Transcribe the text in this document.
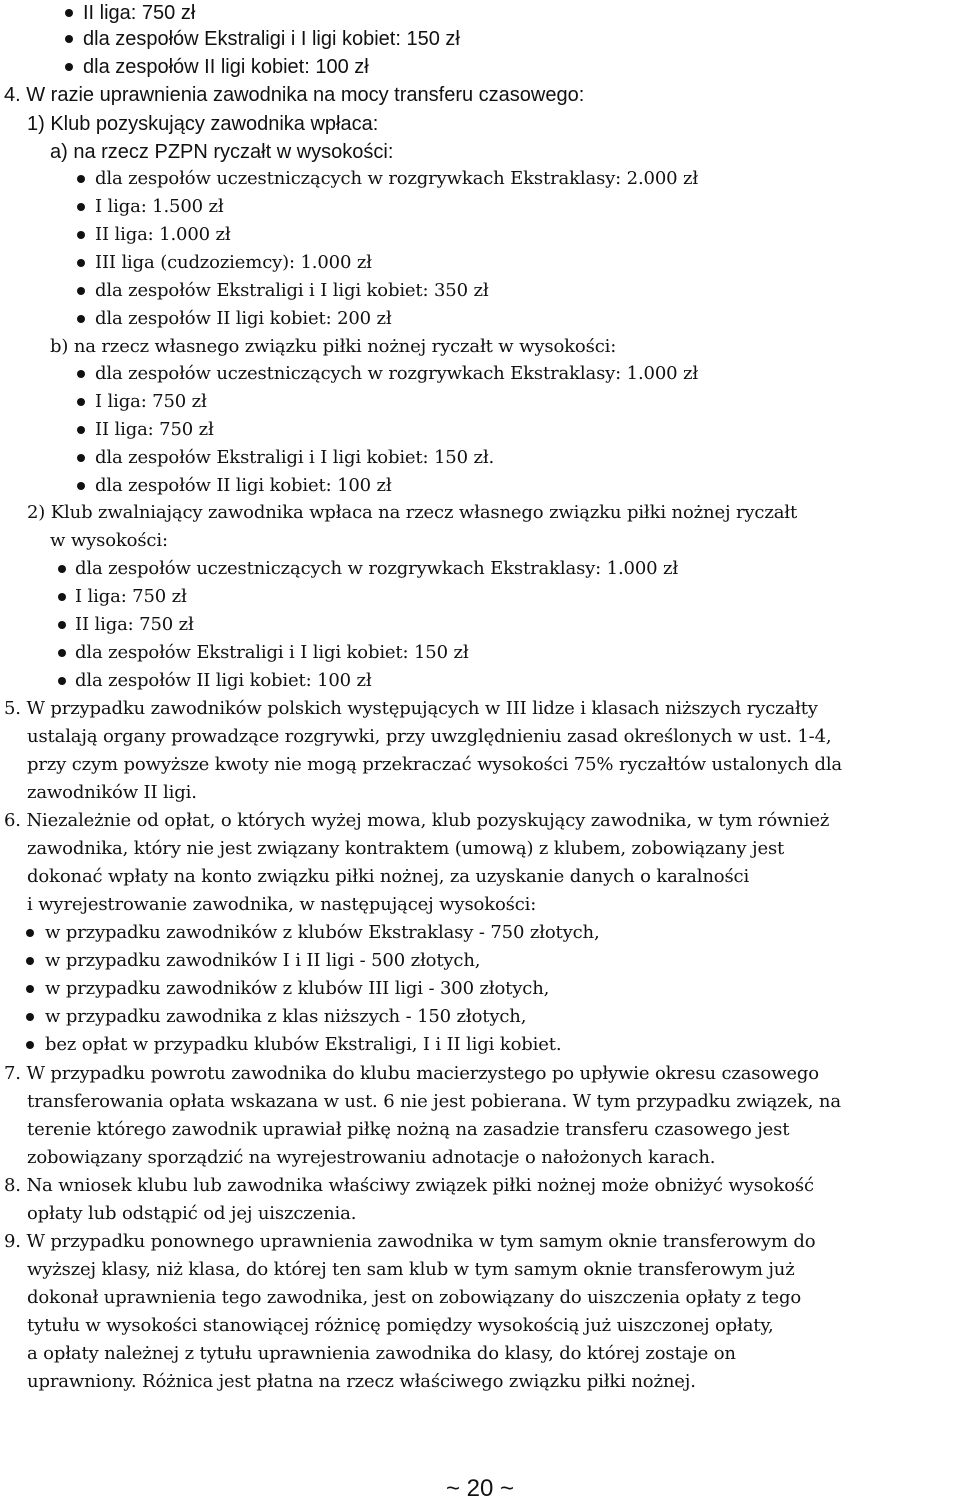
II liga: 750 zł
dla zespołów Ekstraligi i I ligi kobiet: 150 zł
dla zespołów II ligi kobiet: 100 zł
4. W razie uprawnienia zawodnika na mocy transferu czasowego:
1) Klub pozyskujący zawodnika wpłaca:
a) na rzecz PZPN ryczałt w wysokości:
dla zespołów uczestniczących w rozgrywkach Ekstraklasy: 2.000 zł
I liga: 1.500 zł
II liga: 1.000 zł
III liga (cudzoziemcy): 1.000 zł
dla zespołów Ekstraligi i I ligi kobiet: 350 zł
dla zespołów II ligi kobiet: 200 zł
b) na rzecz własnego związku piłki nożnej ryczałt w wysokości:
dla zespołów uczestniczących w rozgrywkach Ekstraklasy: 1.000 zł
I liga: 750 zł
II liga: 750 zł
dla zespołów Ekstraligi i I ligi kobiet: 150 zł.
dla zespołów II ligi kobiet: 100 zł
2) Klub zwalniający zawodnika wpłaca na rzecz własnego związku piłki nożnej ryczałt
w wysokości:
dla zespołów uczestniczących w rozgrywkach Ekstraklasy: 1.000 zł
I liga: 750 zł
II liga: 750 zł
dla zespołów Ekstraligi i I ligi kobiet: 150 zł
dla zespołów II ligi kobiet: 100 zł
5. W przypadku zawodników polskich występujących w III lidze i klasach niższych ryczałty
ustalają organy prowadzące rozgrywki, przy uwzględnieniu zasad określonych w ust. 1-4,
przy czym powyższe kwoty nie mogą przekraczać wysokości 75% ryczałtów ustalonych dla
zawodników II ligi.
6. Niezależnie od opłat, o których wyżej mowa, klub pozyskujący zawodnika, w tym również
zawodnika, który nie jest związany kontraktem (umową) z klubem, zobowiązany jest
dokonać wpłaty na konto związku piłki nożnej, za uzyskanie danych o karalności
i wyrejestrowanie zawodnika, w następującej wysokości:
w przypadku zawodników z klubów Ekstraklasy - 750 złotych,
w przypadku zawodników I i II ligi - 500 złotych,
w przypadku zawodników z klubów III ligi - 300 złotych,
w przypadku zawodnika z klas niższych - 150 złotych,
bez opłat w przypadku klubów Ekstraligi, I i II ligi kobiet.
7. W przypadku powrotu zawodnika do klubu macierzystego po upływie okresu czasowego
transferowania opłata wskazana w ust. 6 nie jest pobierana. W tym przypadku związek, na
terenie którego zawodnik uprawiał piłkę nożną na zasadzie transferu czasowego jest
zobowiązany sporządzić na wyrejestrowaniu adnotacje o nałożonych karach.
8. Na wniosek klubu lub zawodnika właściwy związek piłki nożnej może obniżyć wysokość
opłaty lub odstąpić od jej uiszczenia.
9. W przypadku ponownego uprawnienia zawodnika w tym samym oknie transferowym do
wyższej klasy, niż klasa, do której ten sam klub w tym samym oknie transferowym już
dokonał uprawnienia tego zawodnika, jest on zobowiązany do uiszczenia opłaty z tego
tytułu w wysokości stanowiącej różnicę pomiędzy wysokością już uiszczonej opłaty,
a opłaty należnej z tytułu uprawnienia zawodnika do klasy, do której zostaje on
uprawniony. Różnica jest płatna na rzecz właściwego związku piłki nożnej.
~ 20 ~
